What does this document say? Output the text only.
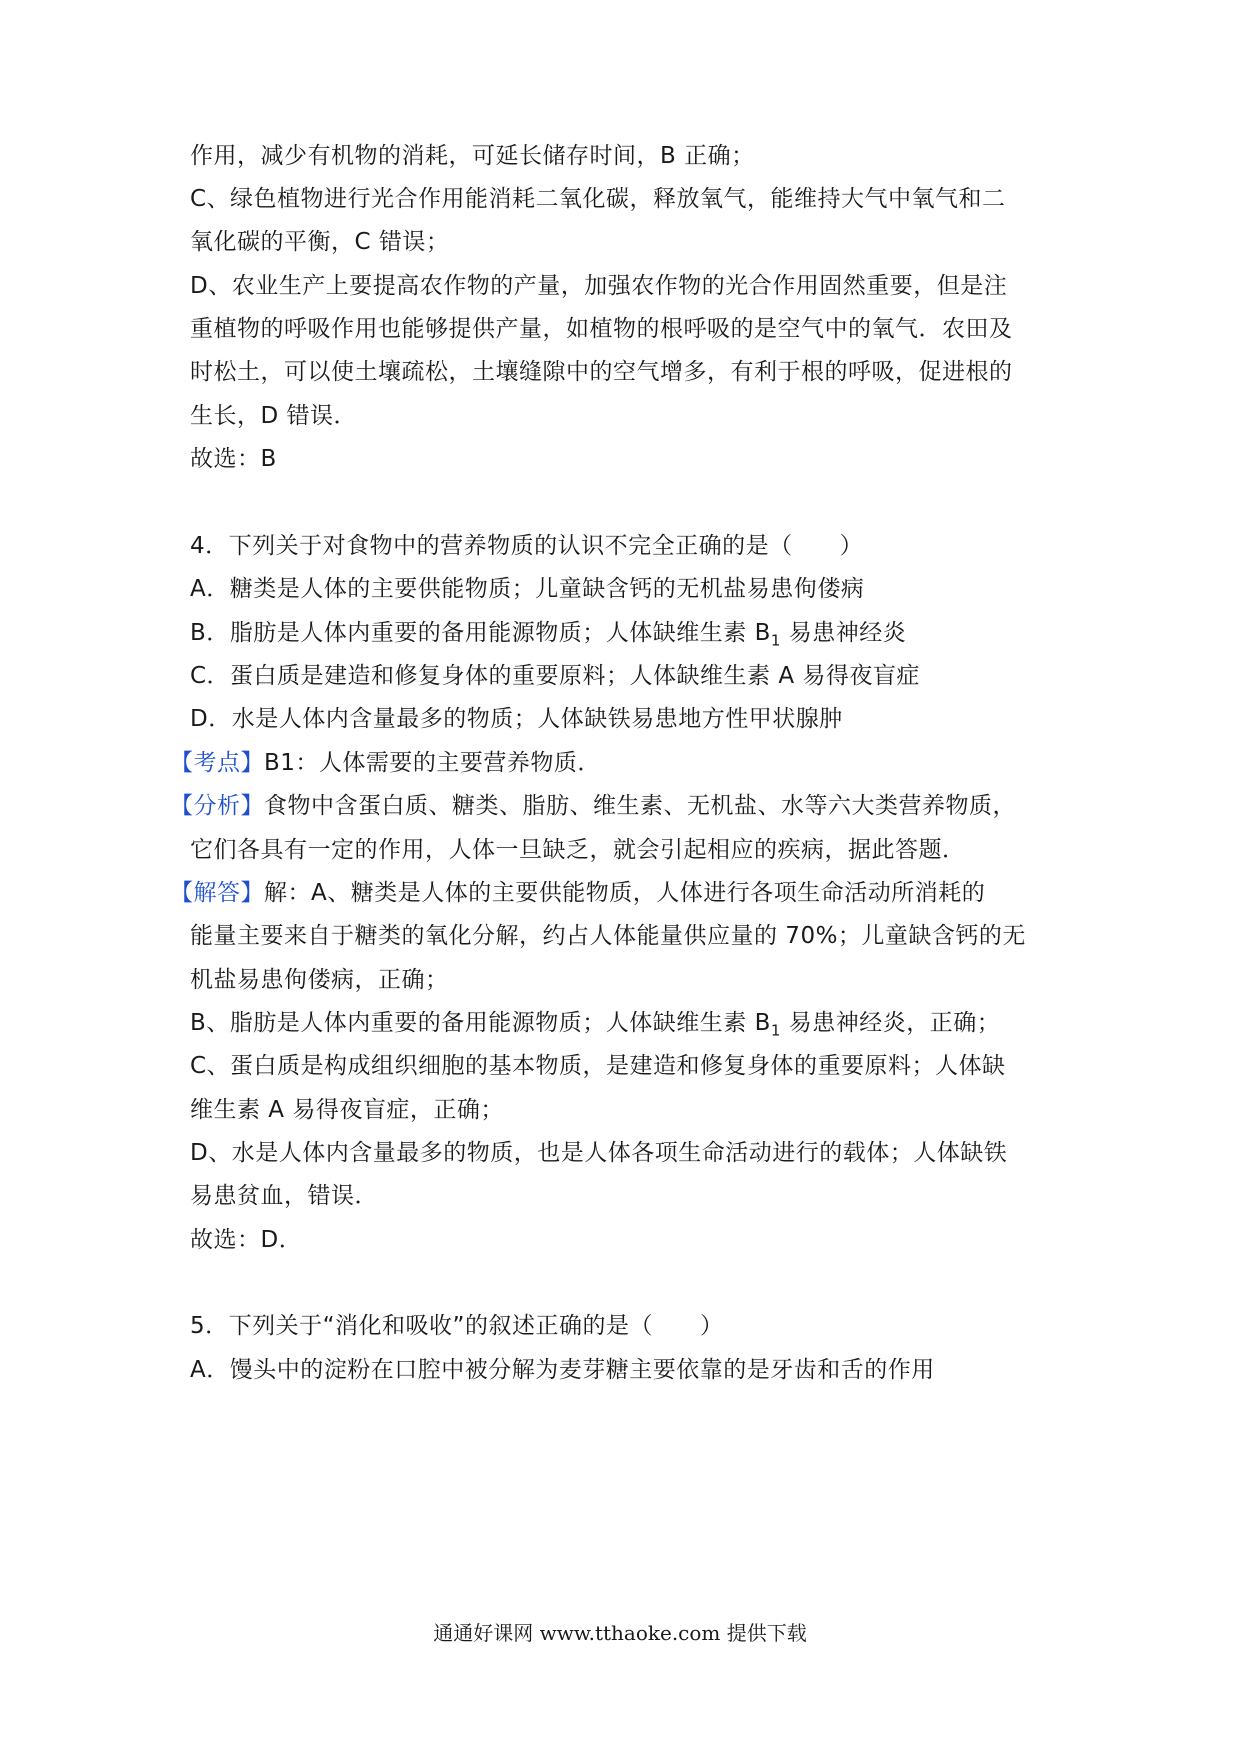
作用，减少有机物的消耗，可延长储存时间，B 正确；
C、绿色植物进行光合作用能消耗二氧化碳，释放氧气，能维持大气中氧气和二
氧化碳的平衡，C 错误；
D、农业生产上要提高农作物的产量，加强农作物的光合作用固然重要，但是注
重植物的呼吸作用也能够提供产量，如植物的根呼吸的是空气中的氧气．农田及
时松土，可以使土壤疏松，土壤缝隙中的空气增多，有利于根的呼吸，促进根的
生长，D 错误．
故选：B
4．下列关于对食物中的营养物质的认识不完全正确的是（　　）
A．糖类是人体的主要供能物质；儿童缺含钙的无机盐易患佝偻病
B．脂肪是人体内重要的备用能源物质；人体缺维生素 $B_1$ 易患神经炎
C．蛋白质是建造和修复身体的重要原料；人体缺维生素 A 易得夜盲症
D．水是人体内含量最多的物质；人体缺铁易患地方性甲状腺肿
【考点】B1：人体需要的主要营养物质．
【分析】食物中含蛋白质、糖类、脂肪、维生素、无机盐、水等六大类营养物质，
它们各具有一定的作用，人体一旦缺乏，就会引起相应的疾病，据此答题．
【解答】解：A、糖类是人体的主要供能物质，人体进行各项生命活动所消耗的
能量主要来自于糖类的氧化分解，约占人体能量供应量的 70%；儿童缺含钙的无
机盐易患佝偻病，正确；
B、脂肪是人体内重要的备用能源物质；人体缺维生素 $B_1$ 易患神经炎，正确；
C、蛋白质是构成组织细胞的基本物质，是建造和修复身体的重要原料；人体缺
维生素 A 易得夜盲症，正确；
D、水是人体内含量最多的物质，也是人体各项生命活动进行的载体；人体缺铁
易患贫血，错误．
故选：D．
5．下列关于“消化和吸收”的叙述正确的是（　　）
A．馒头中的淀粉在口腔中被分解为麦芽糖主要依靠的是牙齿和舌的作用
通通好课网 www.tthaoke.com 提供下载
